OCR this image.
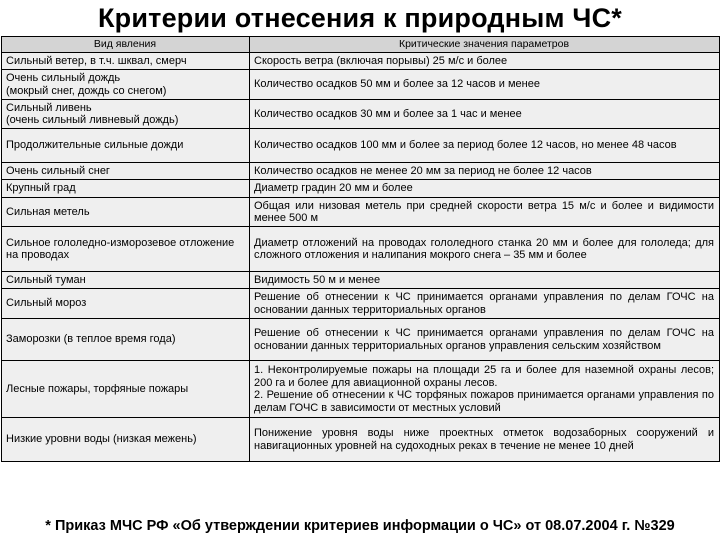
Критерии отнесения к природным ЧС*
Вид явления	Критические значения параметров

Сильный ветер, в т.ч. шквал, смерч	Скорость ветра (включая порывы) 25 м/с и более

Очень сильный дождь
(мокрый снег, дождь со снегом)	Количество осадков 50 мм и более за 12 часов и менее

Сильный ливень
(очень сильный ливневый дождь)	Количество осадков 30 мм и более за 1 час и менее

Продолжительные сильные дожди	Количество осадков 100 мм и более за период более 12 часов, но менее 48 часов

Очень сильный снег	Количество осадков не менее 20 мм за период не более 12 часов

Крупный град	Диаметр градин 20 мм и более

Сильная метель	Общая или низовая метель при средней скорости ветра 15 м/с и более и видимости менее 500 м

Сильное гололедно-изморозевое отложение на проводах	Диаметр отложений на проводах гололедного станка 20 мм и более для гололеда; для сложного отложения и налипания мокрого снега – 35 мм и более

Сильный туман	Видимость 50 м и менее

Сильный мороз	Решение об отнесении к ЧС принимается органами управления по делам ГОЧС на основании данных территориальных органов

Заморозки (в теплое время года)	Решение об отнесении к ЧС принимается органами управления по делам ГОЧС на основании данных территориальных органов управления сельским хозяйством

Лесные пожары, торфяные пожары	1. Неконтролируемые пожары на площади 25 га и более для наземной охраны лесов; 200 га и более для авиационной охраны лесов.
2. Решение об отнесении к ЧС торфяных пожаров принимается органами управления по делам ГОЧС в зависимости от местных условий

Низкие уровни воды (низкая межень)	Понижение уровня воды ниже проектных отметок водозаборных сооружений и навигационных уровней на судоходных реках в течение не менее 10 дней
* Приказ МЧС РФ «Об утверждении критериев информации о ЧС» от 08.07.2004 г. №329
